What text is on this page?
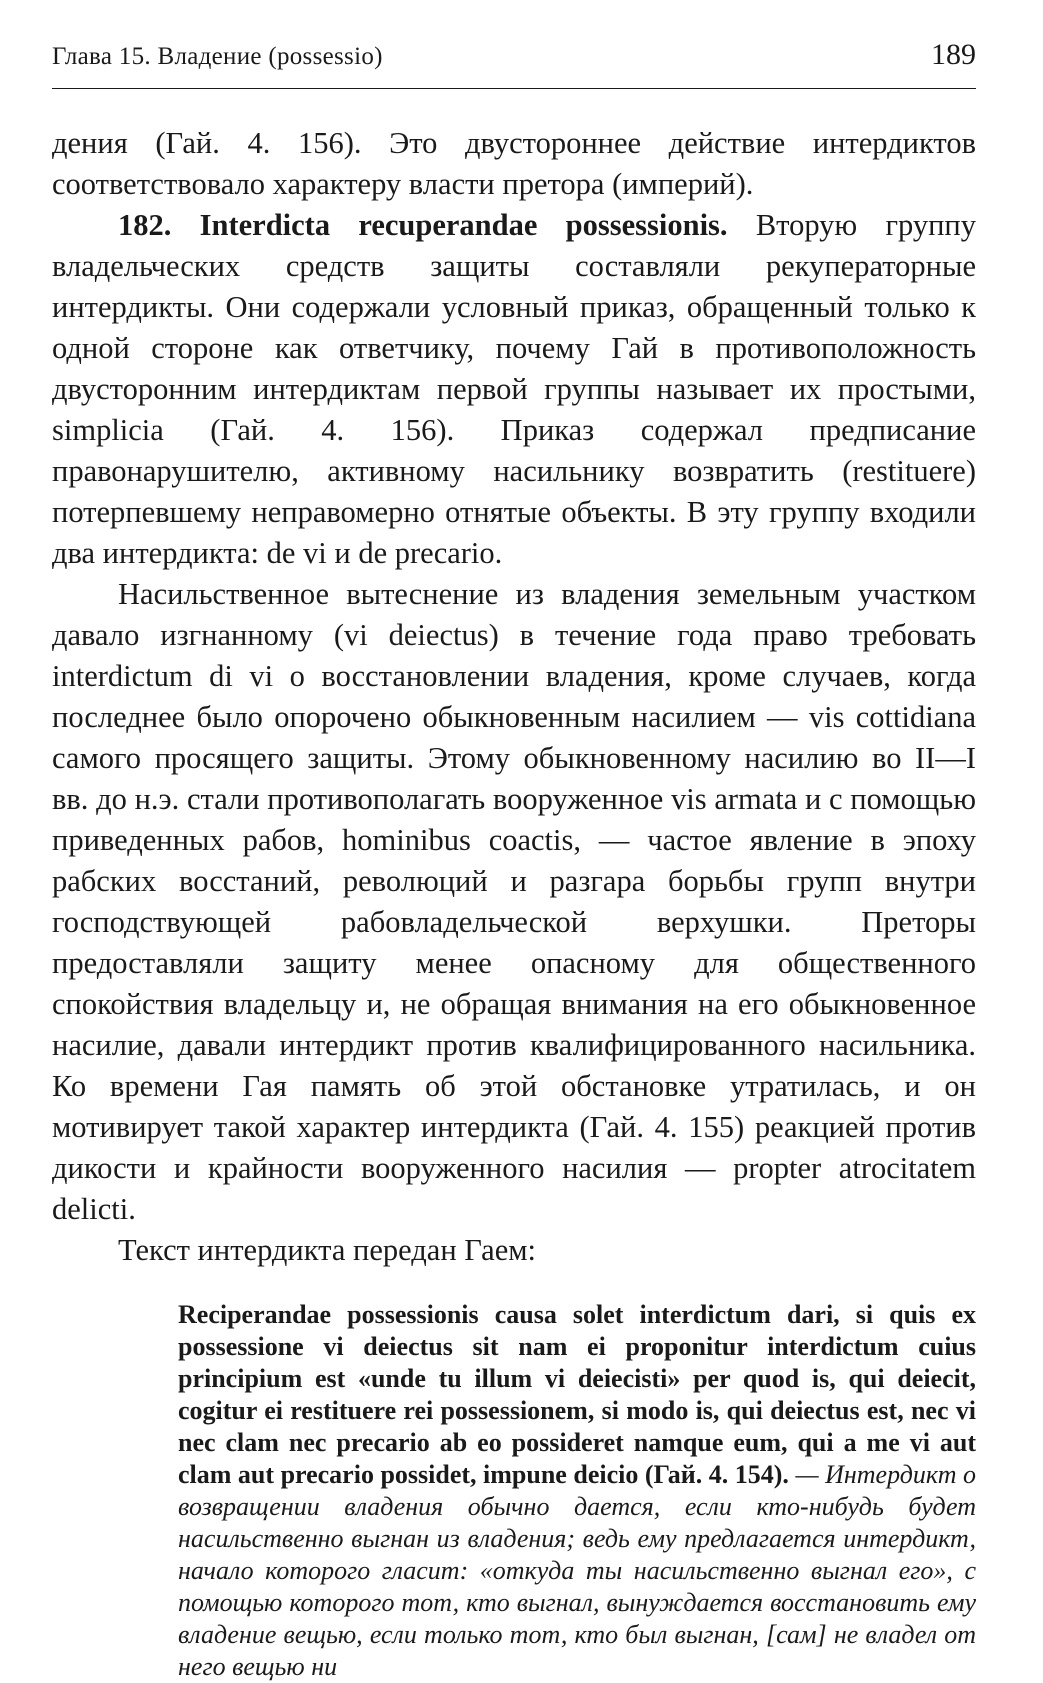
Глава 15. Владение (possessio)	189

дения (Гай. 4. 156). Это двустороннее действие интердиктов соответствовало характеру власти претора (империй).

182. Interdicta recuperandae possessionis. Вторую группу владельческих средств защиты составляли рекуператорные интердикты. Они содержали условный приказ, обращенный только к одной стороне как ответчику, почему Гай в противоположность двусторонним интердиктам первой группы называет их простыми, simplicia (Гай. 4. 156). Приказ содержал предписание правонарушителю, активному насильнику возвратить (restituere) потерпевшему неправомерно отнятые объекты. В эту группу входили два интердикта: de vi и de precario.

Насильственное вытеснение из владения земельным участком давало изгнанному (vi deiectus) в течение года право требовать interdictum di vi о восстановлении владения, кроме случаев, когда последнее было опорочено обыкновенным насилием — vis cottidiana самого просящего защиты. Этому обыкновенному насилию во II—I вв. до н.э. стали противополагать вооруженное vis armata и с помощью приведенных рабов, hominibus coactis, — частое явление в эпоху рабских восстаний, революций и разгара борьбы групп внутри господствующей рабовладельческой верхушки. Преторы предоставляли защиту менее опасному для общественного спокойствия владельцу и, не обращая внимания на его обыкновенное насилие, давали интердикт против квалифицированного насильника. Ко времени Гая память об этой обстановке утратилась, и он мотивирует такой характер интердикта (Гай. 4. 155) реакцией против дикости и крайности вооруженного насилия — propter atrocitatem delicti.

Текст интердикта передан Гаем:

Reciperandae possessionis causa solet interdictum dari, si quis ex possessione vi deiectus sit nam ei proponitur interdictum cuius principium est «unde tu illum vi deiecisti» per quod is, qui deiecit, cogitur ei restituere rei possessionem, si modo is, qui deiectus est, nec vi nec clam nec precario ab eo possideret namque eum, qui a me vi aut clam aut precario possidet, impune deicio (Гай. 4. 154). — Интердикт о возвращении владения обычно дается, если кто-нибудь будет насильственно выгнан из владения; ведь ему предлагается интердикт, начало которого гласит: «откуда ты насильственно выгнал его», с помощью которого тот, кто выгнал, вынуждается восстановить ему владение вещью, если только тот, кто был выгнан, [сам] не владел от него вещью ни
